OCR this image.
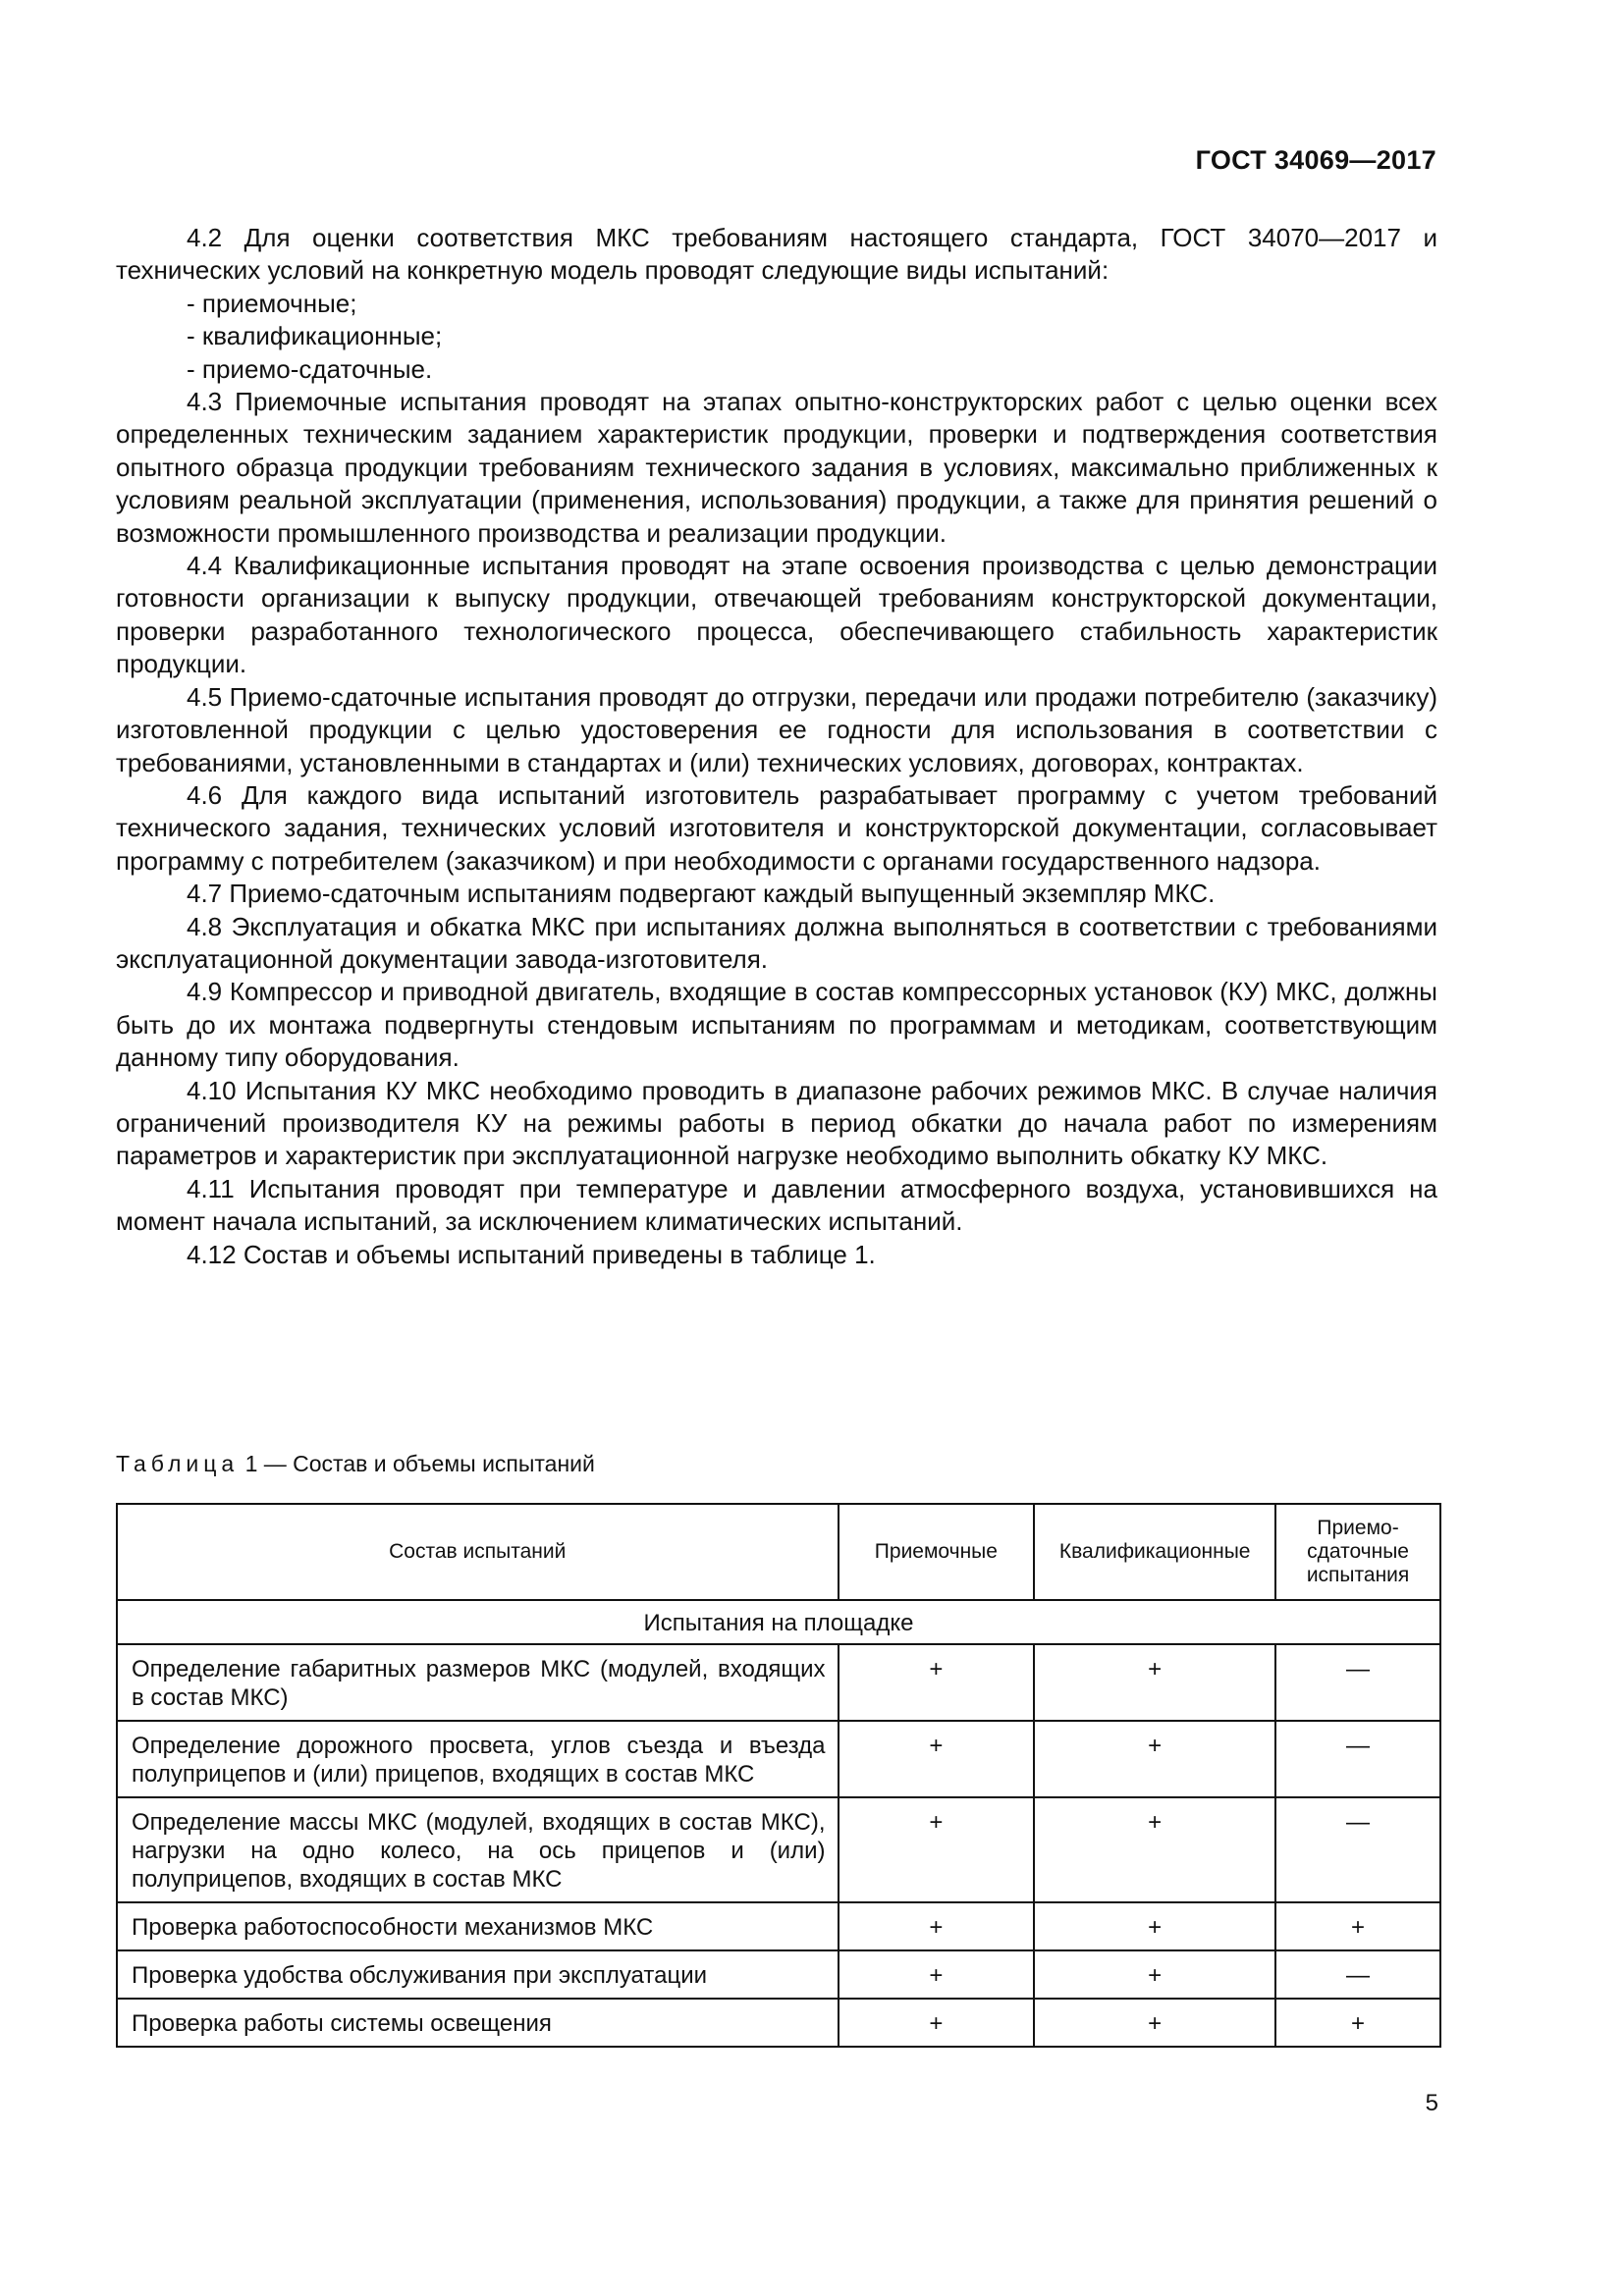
ГОСТ 34069—2017

4.2 Для оценки соответствия МКС требованиям настоящего стандарта, ГОСТ 34070—2017 и технических условий на конкретную модель проводят следующие виды испытаний:

- приемочные;

- квалификационные;

- приемо-сдаточные.

4.3 Приемочные испытания проводят на этапах опытно-конструкторских работ с целью оценки всех определенных техническим заданием характеристик продукции, проверки и подтверждения соответствия опытного образца продукции требованиям технического задания в условиях, максимально приближенных к условиям реальной эксплуатации (применения, использования) продукции, а также для принятия решений о возможности промышленного производства и реализации продукции.

4.4 Квалификационные испытания проводят на этапе освоения производства с целью демонстрации готовности организации к выпуску продукции, отвечающей требованиям конструкторской документации, проверки разработанного технологического процесса, обеспечивающего стабильность характеристик продукции.

4.5 Приемо-сдаточные испытания проводят до отгрузки, передачи или продажи потребителю (заказчику) изготовленной продукции с целью удостоверения ее годности для использования в соответствии с требованиями, установленными в стандартах и (или) технических условиях, договорах, контрактах.

4.6 Для каждого вида испытаний изготовитель разрабатывает программу с учетом требований технического задания, технических условий изготовителя и конструкторской документации, согласовывает программу с потребителем (заказчиком) и при необходимости с органами государственного надзора.

4.7 Приемо-сдаточным испытаниям подвергают каждый выпущенный экземпляр МКС.

4.8 Эксплуатация и обкатка МКС при испытаниях должна выполняться в соответствии с требованиями эксплуатационной документации завода-изготовителя.

4.9 Компрессор и приводной двигатель, входящие в состав компрессорных установок (КУ) МКС, должны быть до их монтажа подвергнуты стендовым испытаниям по программам и методикам, соответствующим данному типу оборудования.

4.10 Испытания КУ МКС необходимо проводить в диапазоне рабочих режимов МКС. В случае наличия ограничений производителя КУ на режимы работы в период обкатки до начала работ по измерениям параметров и характеристик при эксплуатационной нагрузке необходимо выполнить обкатку КУ МКС.

4.11 Испытания проводят при температуре и давлении атмосферного воздуха, установившихся на момент начала испытаний, за исключением климатических испытаний.

4.12 Состав и объемы испытаний приведены в таблице 1.

Таблица 1 — Состав и объемы испытаний
Состав испытаний	Приемочные	Квалификационные	Приемо-сдаточные испытания
Испытания на площадке			
Определение габаритных размеров МКС (модулей, входящих в состав МКС)	+	+	—
Определение дорожного просвета, углов съезда и въезда полуприцепов и (или) прицепов, входящих в состав МКС	+	+	—
Определение массы МКС (модулей, входящих в состав МКС), нагрузки на одно колесо, на ось прицепов и (или) полуприцепов, входящих в состав МКС	+	+	—
Проверка работоспособности механизмов МКС	+	+	+
Проверка удобства обслуживания при эксплуатации	+	+	—
Проверка работы системы освещения	+	+	+
5
